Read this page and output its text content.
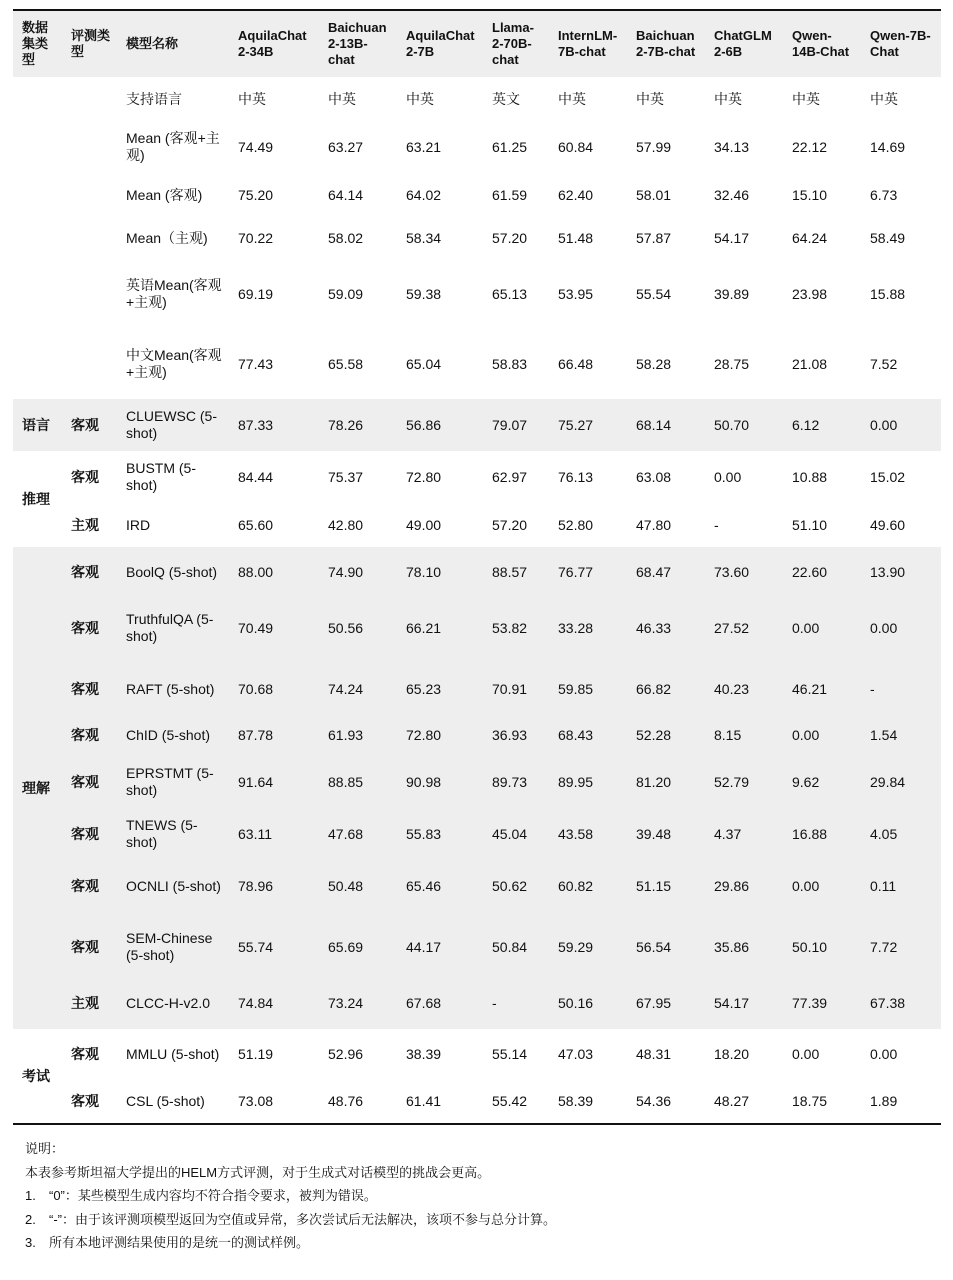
数据集类型	评测类型	模型名称	AquilaChat 2-34B	Baichuan 2-13B-chat	AquilaChat 2-7B	Llama-2-70B-chat	InternLM-7B-chat	Baichuan 2-7B-chat	ChatGLM 2-6B	Qwen-14B-Chat	Qwen-7B-Chat
		支持语言	中英	中英	中英	英文	中英	中英	中英	中英	中英
		Mean (客观+主观)	74.49	63.27	63.21	61.25	60.84	57.99	34.13	22.12	14.69
		Mean (客观)	75.20	64.14	64.02	61.59	62.40	58.01	32.46	15.10	6.73
		Mean（主观)	70.22	58.02	58.34	57.20	51.48	57.87	54.17	64.24	58.49
		英语Mean(客观+主观)	69.19	59.09	59.38	65.13	53.95	55.54	39.89	23.98	15.88
		中文Mean(客观+主观)	77.43	65.58	65.04	58.83	66.48	58.28	28.75	21.08	7.52
语言	客观	CLUEWSC (5-shot)	87.33	78.26	56.86	79.07	75.27	68.14	50.70	6.12	0.00
推理	客观	BUSTM (5-shot)	84.44	75.37	72.80	62.97	76.13	63.08	0.00	10.88	15.02
	主观	IRD	65.60	42.80	49.00	57.20	52.80	47.80	-	51.10	49.60
理解	客观	BoolQ (5-shot)	88.00	74.90	78.10	88.57	76.77	68.47	73.60	22.60	13.90
	客观	TruthfulQA (5-shot)	70.49	50.56	66.21	53.82	33.28	46.33	27.52	0.00	0.00
	客观	RAFT (5-shot)	70.68	74.24	65.23	70.91	59.85	66.82	40.23	46.21	-
	客观	ChID (5-shot)	87.78	61.93	72.80	36.93	68.43	52.28	8.15	0.00	1.54
	客观	EPRSTMT (5-shot)	91.64	88.85	90.98	89.73	89.95	81.20	52.79	9.62	29.84
	客观	TNEWS (5-shot)	63.11	47.68	55.83	45.04	43.58	39.48	4.37	16.88	4.05
	客观	OCNLI (5-shot)	78.96	50.48	65.46	50.62	60.82	51.15	29.86	0.00	0.11
	客观	SEM-Chinese (5-shot)	55.74	65.69	44.17	50.84	59.29	56.54	35.86	50.10	7.72
	主观	CLCC-H-v2.0	74.84	73.24	67.68	-	50.16	67.95	54.17	77.39	67.38
考试	客观	MMLU (5-shot)	51.19	52.96	38.39	55.14	47.03	48.31	18.20	0.00	0.00
	客观	CSL (5-shot)	73.08	48.76	61.41	55.42	58.39	54.36	48.27	18.75	1.89
说明：
本表参考斯坦福大学提出的HELM方式评测，对于生成式对话模型的挑战会更高。
1.	“0”：某些模型生成内容均不符合指令要求，被判为错误。
2.	“-”：由于该评测项模型返回为空值或异常，多次尝试后无法解决，该项不参与总分计算。
3.	所有本地评测结果使用的是统一的测试样例。
